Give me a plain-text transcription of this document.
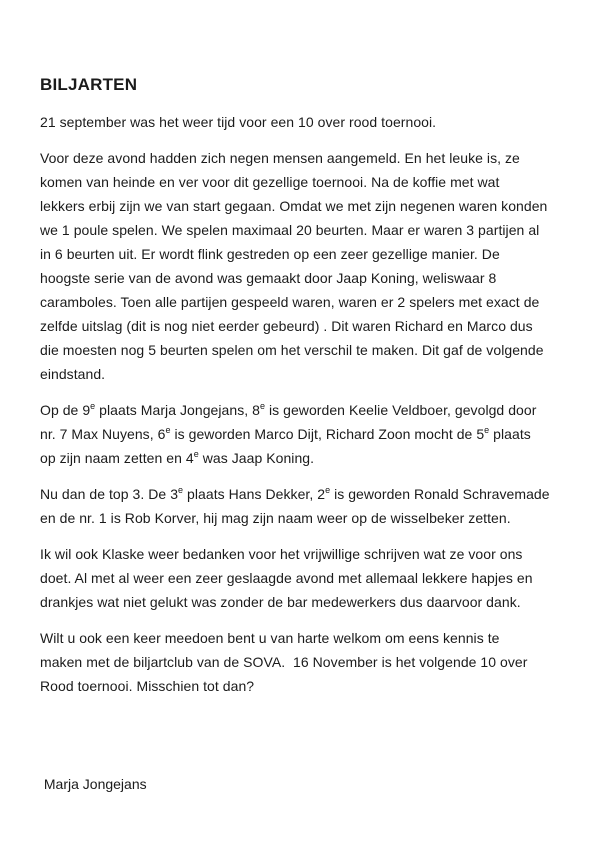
BILJARTEN
21 september was het weer tijd voor een 10 over rood toernooi.
Voor deze avond hadden zich negen mensen aangemeld. En het leuke is, ze
komen van heinde en ver voor dit gezellige toernooi. Na de koffie met wat
lekkers erbij zijn we van start gegaan. Omdat we met zijn negenen waren konden
we 1 poule spelen. We spelen maximaal 20 beurten. Maar er waren 3 partijen al
in 6 beurten uit. Er wordt flink gestreden op een zeer gezellige manier. De
hoogste serie van de avond was gemaakt door Jaap Koning, weliswaar 8
caramboles. Toen alle partijen gespeeld waren, waren er 2 spelers met exact de
zelfde uitslag (dit is nog niet eerder gebeurd) . Dit waren Richard en Marco dus
die moesten nog 5 beurten spelen om het verschil te maken. Dit gaf de volgende
eindstand.
Op de 9e plaats Marja Jongejans, 8e is geworden Keelie Veldboer, gevolgd door
nr. 7 Max Nuyens, 6e is geworden Marco Dijt, Richard Zoon mocht de 5e plaats
op zijn naam zetten en 4e was Jaap Koning.
Nu dan de top 3. De 3e plaats Hans Dekker, 2e is geworden Ronald Schravemade
en de nr. 1 is Rob Korver, hij mag zijn naam weer op de wisselbeker zetten.
Ik wil ook Klaske weer bedanken voor het vrijwillige schrijven wat ze voor ons
doet. Al met al weer een zeer geslaagde avond met allemaal lekkere hapjes en
drankjes wat niet gelukt was zonder de bar medewerkers dus daarvoor dank.
Wilt u ook een keer meedoen bent u van harte welkom om eens kennis te
maken met de biljartclub van de SOVA.  16 November is het volgende 10 over
Rood toernooi. Misschien tot dan?
Marja Jongejans
